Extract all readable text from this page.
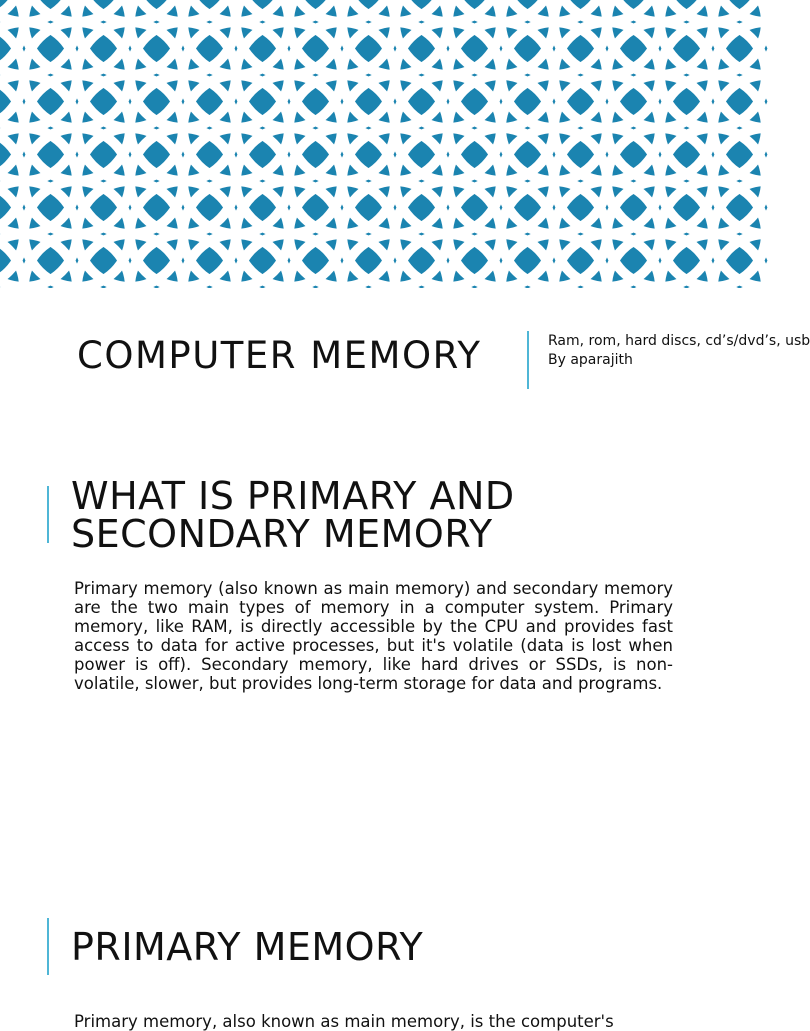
COMPUTER MEMORY	Ram, rom, hard discs, cd’s/dvd’s, usb
By aparajith
WHAT IS PRIMARY AND SECONDARY MEMORY

Primary memory (also known as main memory) and secondary memory are the two main types of memory in a computer system. Primary memory, like RAM, is directly accessible by the CPU and provides fast access to data for active processes, but it's volatile (data is lost when power is off). Secondary memory, like hard drives or SSDs, is non-volatile, slower, but provides long-term storage for data and programs.

PRIMARY MEMORY

Primary memory, also known as main memory, is the computer's
